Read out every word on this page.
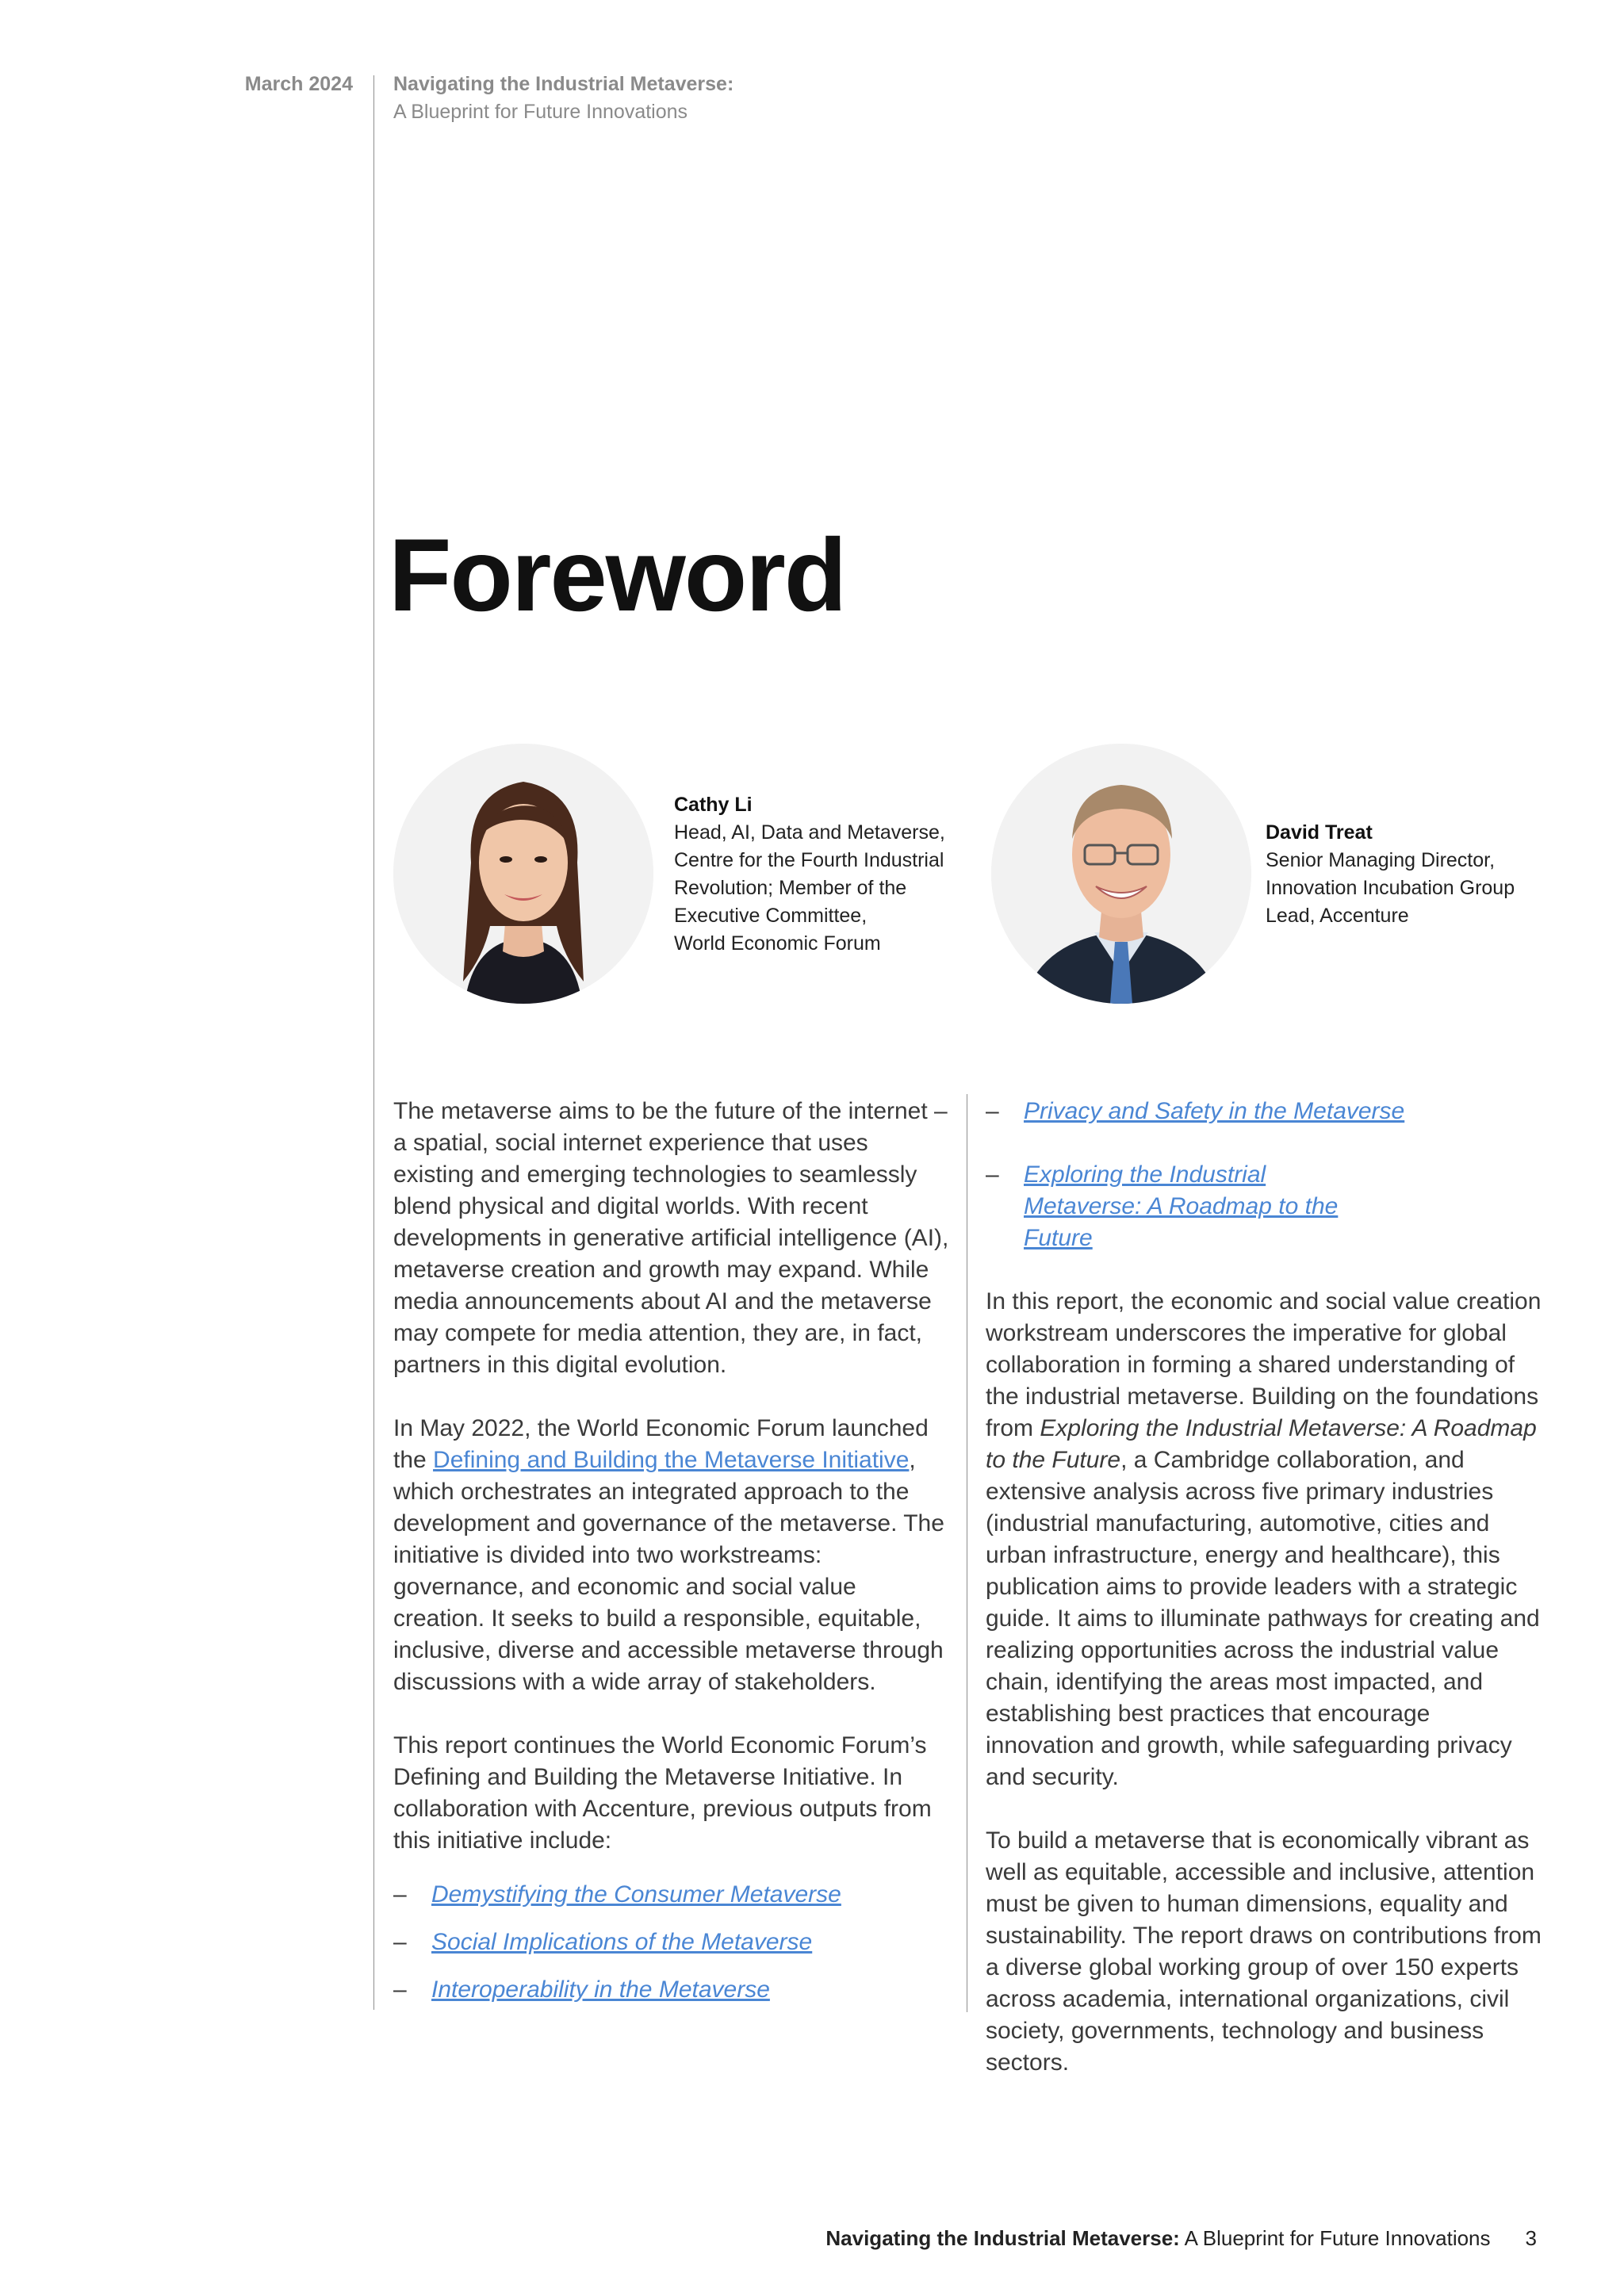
March 2024 Navigating the Industrial Metaverse:
A Blueprint for Future Innovations
Foreword
Cathy Li
Head, AI, Data and Metaverse,
Centre for the Fourth Industrial
Revolution; Member of the
Executive Committee,
World Economic Forum
David Treat
Senior Managing Director,
Innovation Incubation Group
Lead, Accenture

The metaverse aims to be the future of the internet – a spatial, social internet experience that uses existing and emerging technologies to seamlessly blend physical and digital worlds. With recent developments in generative artificial intelligence (AI), metaverse creation and growth may expand. While media announcements about AI and the metaverse may compete for media attention, they are, in fact, partners in this digital evolution.

In May 2022, the World Economic Forum launched the Defining and Building the Metaverse Initiative, which orchestrates an integrated approach to the development and governance of the metaverse. The initiative is divided into two workstreams: governance, and economic and social value creation. It seeks to build a responsible, equitable, inclusive, diverse and accessible metaverse through discussions with a wide array of stakeholders.

This report continues the World Economic Forum’s Defining and Building the Metaverse Initiative. In collaboration with Accenture, previous outputs from this initiative include:

–	Demystifying the Consumer Metaverse
–	Social Implications of the Metaverse
–	Interoperability in the Metaverse
–	Privacy and Safety in the Metaverse
–	Exploring the Industrial Metaverse: A Roadmap to the Future

In this report, the economic and social value creation workstream underscores the imperative for global collaboration in forming a shared understanding of the industrial metaverse. Building on the foundations from Exploring the Industrial Metaverse: A Roadmap to the Future, a Cambridge collaboration, and extensive analysis across five primary industries (industrial manufacturing, automotive, cities and urban infrastructure, energy and healthcare), this publication aims to provide leaders with a strategic guide. It aims to illuminate pathways for creating and realizing opportunities across the industrial value chain, identifying the areas most impacted, and establishing best practices that encourage innovation and growth, while safeguarding privacy and security.

To build a metaverse that is economically vibrant as well as equitable, accessible and inclusive, attention must be given to human dimensions, equality and sustainability. The report draws on contributions from a diverse global working group of over 150 experts across academia, international organizations, civil society, governments, technology and business sectors.

Navigating the Industrial Metaverse: A Blueprint for Future Innovations 3
